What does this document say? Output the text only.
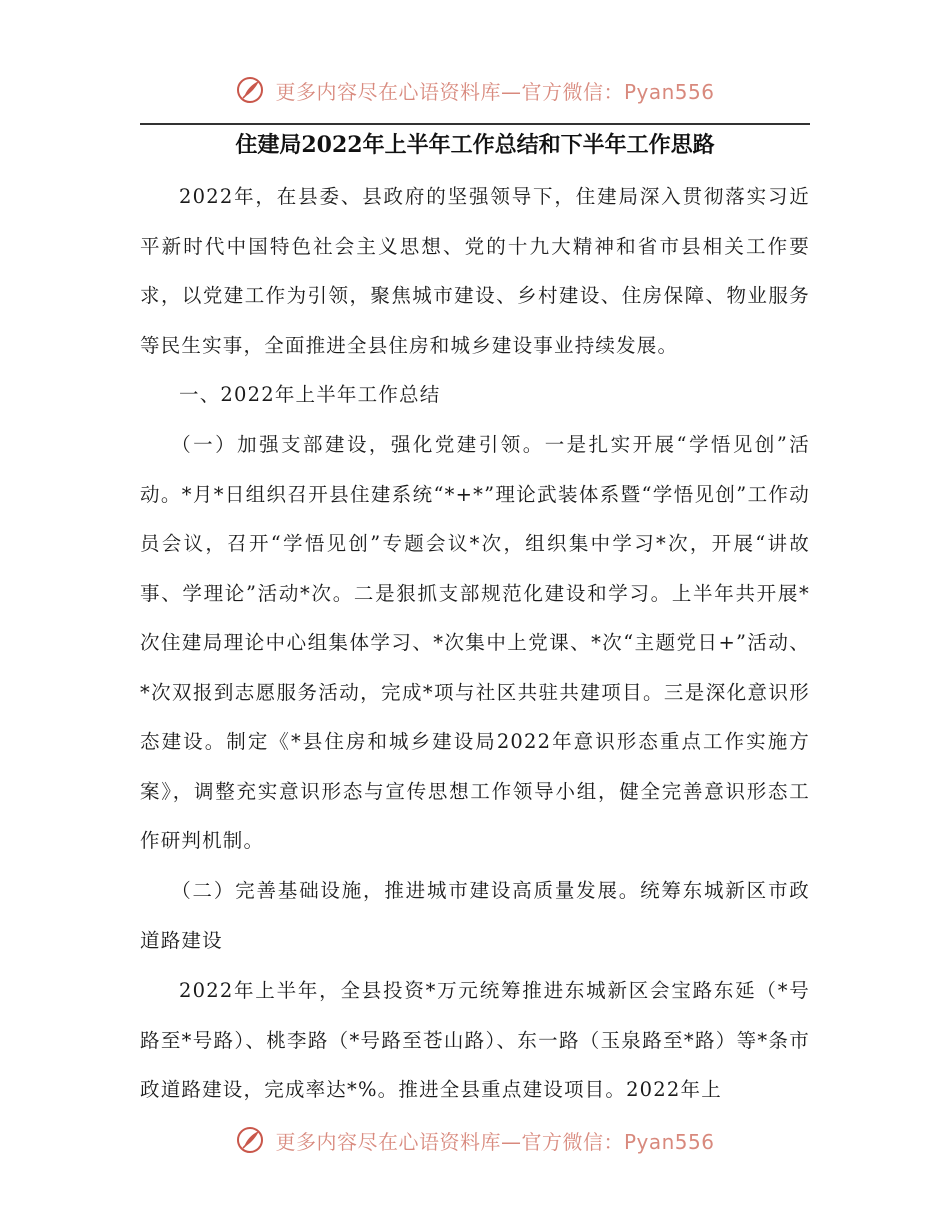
更多内容尽在心语资料库—官方微信：Pyan556
住建局2022年上半年工作总结和下半年工作思路

2022年，在县委、县政府的坚强领导下，住建局深入贯彻落实习近平新时代中国特色社会主义思想、党的十九大精神和省市县相关工作要求，以党建工作为引领，聚焦城市建设、乡村建设、住房保障、物业服务等民生实事，全面推进全县住房和城乡建设事业持续发展。

一、2022年上半年工作总结

（一）加强支部建设，强化党建引领。一是扎实开展“学悟见创”活动。*月*日组织召开县住建系统“*+*”理论武装体系暨“学悟见创”工作动员会议，召开“学悟见创”专题会议*次，组织集中学习*次，开展“讲故事、学理论”活动*次。二是狠抓支部规范化建设和学习。上半年共开展*次住建局理论中心组集体学习、*次集中上党课、*次“主题党日+”活动、*次双报到志愿服务活动，完成*项与社区共驻共建项目。三是深化意识形态建设。制定《*县住房和城乡建设局2022年意识形态重点工作实施方案》，调整充实意识形态与宣传思想工作领导小组，健全完善意识形态工作研判机制。

（二）完善基础设施，推进城市建设高质量发展。统筹东城新区市政道路建设

2022年上半年，全县投资*万元统筹推进东城新区会宝路东延（*号路至*号路）、桃李路（*号路至苍山路）、东一路（玉泉路至*路）等*条市政道路建设，完成率达*%。推进全县重点建设项目。2022年上

更多内容尽在心语资料库—官方微信：Pyan556
